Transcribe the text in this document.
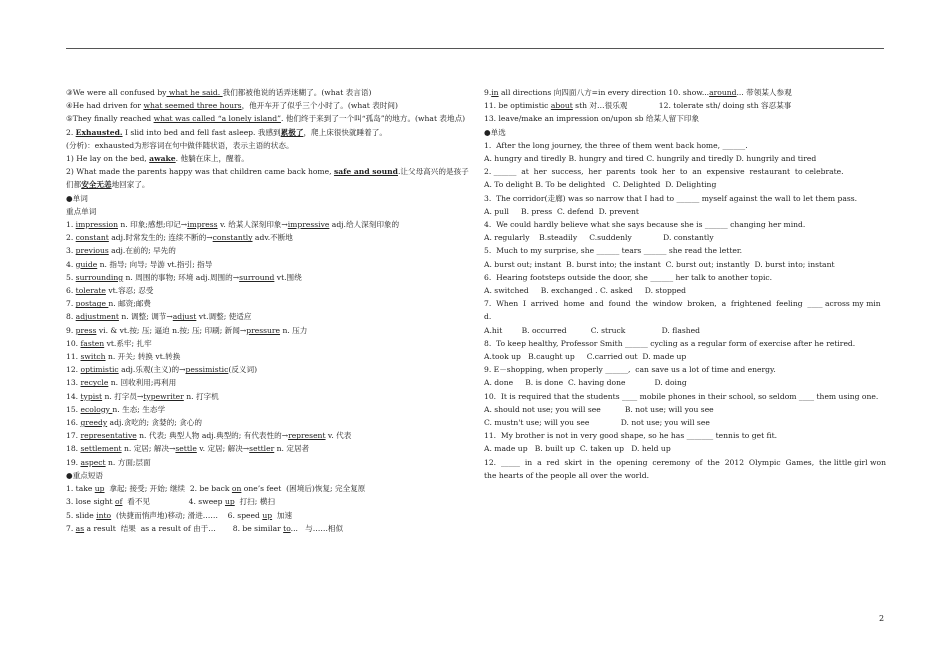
③We were all confused by what he said. 我们都被他说的话弄迷糊了。(what 表言语)

④He had driven for what seemed three hours，他开车开了似乎三个小时了。(what 表时间)

⑤They finally reached what was called “a lonely island”. 他们终于来到了一个叫“孤岛”的地方。(what 表地点)

2. Exhausted. I slid into bed and fell fast asleep. 我感到累极了，爬上床很快就睡着了。

(分析)：exhausted为形容词在句中做伴随状语，表示主语的状态。

1) He lay on the bed, awake. 他躺在床上，醒着。

2) What made the parents happy was that children came back home, safe and sound.让父母高兴的是孩子们都安全无恙地回家了。

●单词

重点单词

1. impression n. 印象;感想;印记→impress v. 给某人深刻印象→impressive adj.给人深刻印象的

2. constant adj.时常发生的; 连续不断的→constantly adv.不断地

3. previous adj.在前的; 早先的

4. guide n. 指导; 向导; 导游 vt.指引; 指导

5. surrounding n. 周围的事物; 环境 adj.周围的→surround vt.围绕

6. tolerate vt.容忍; 忍受

7. postage n. 邮资;邮费

8. adjustment n. 调整; 调节→adjust vt.调整; 使适应

9. press vi. & vt.按; 压; 逼迫 n.按; 压; 印刷; 新闻→pressure n. 压力

10. fasten vt.系牢; 扎牢

11. switch n. 开关; 转换 vt.转换

12. optimistic adj.乐观(主义)的→pessimistic(反义词)

13. recycle n. 回收利用;再利用

14. typist n. 打字员→typewriter n. 打字机

15. ecology n. 生态; 生态学

16. greedy adj.贪吃的; 贪婪的; 贪心的

17. representative n. 代表; 典型人物 adj.典型的; 有代表性的→represent v. 代表

18. settlement n. 定居; 解决→settle v. 定居; 解决→settler n. 定居者

19. aspect n. 方面;层面

●重点短语

1. take up  拿起; 接受; 开始; 继续  2. be back on one’s feet  (困境后)恢复; 完全复原

3. lose sight of  看不见                4. sweep up  打扫; 横扫

5. slide into  (快捷而悄声地)移动; 滑进……    6. speed up  加速

7. as a result  结果  as a result of 由于…       8. be similar to...   与……相似

9.in all directions 向四面八方=in every direction 10. show...around... 带领某人参观

11. be optimistic about sth 对…很乐观             12. tolerate sth/ doing sth 容忍某事

13. leave/make an impression on/upon sb 给某人留下印象

●单选

1.  After the long journey, the three of them went back home, ______.

A. hungry and tiredly B. hungry and tired C. hungrily and tiredly D. hungrily and tired

2. ______  at  her  success,  her  parents  took  her  to  an  expensive  restaurant  to celebrate.

A. To delight B. To be delighted   C. Delighted  D. Delighting

3.  The corridor(走廊) was so narrow that I had to ______ myself against the wall to let them pass.

A. pull     B. press  C. defend  D. prevent

4.  We could hardly believe what she says because she is ______ changing her mind.

A. regularly    B.steadily     C.suddenly             D. constantly

5.  Much to my surprise, she ______ tears ______ she read the letter.

A. burst out; instant  B. burst into; the instant  C. burst out; instantly  D. burst into; instant

6.  Hearing footsteps outside the door, she ______ her talk to another topic.

A. switched     B. exchanged . C. asked     D. stopped

7.  When  I  arrived  home  and  found  the  window  broken,  a  frightened  feeling  ____ across my mind.

A.hit        B. occurred          C. struck               D. flashed

8.  To keep healthy, Professor Smith ______ cycling as a regular form of exercise after he retired.

A.took up   B.caught up     C.carried out  D. made up

9. E－shopping, when properly ______,  can save us a lot of time and energy.

A. done     B. is done  C. having done            D. doing

10.  It is required that the students ____ mobile phones in their school, so seldom ____ them using one.

A. should not use; you will see          B. not use; will you see
C. mustn't use; will you see             D. not use; you will see

11.  My brother is not in very good shape, so he has _______ tennis to get fit.

A. made up   B. built up  C. taken up   D. held up

12.  _____  in  a  red  skirt  in  the  opening  ceremony  of  the  2012  Olympic  Games,  the little girl won the hearts of the people all over the world.

2
